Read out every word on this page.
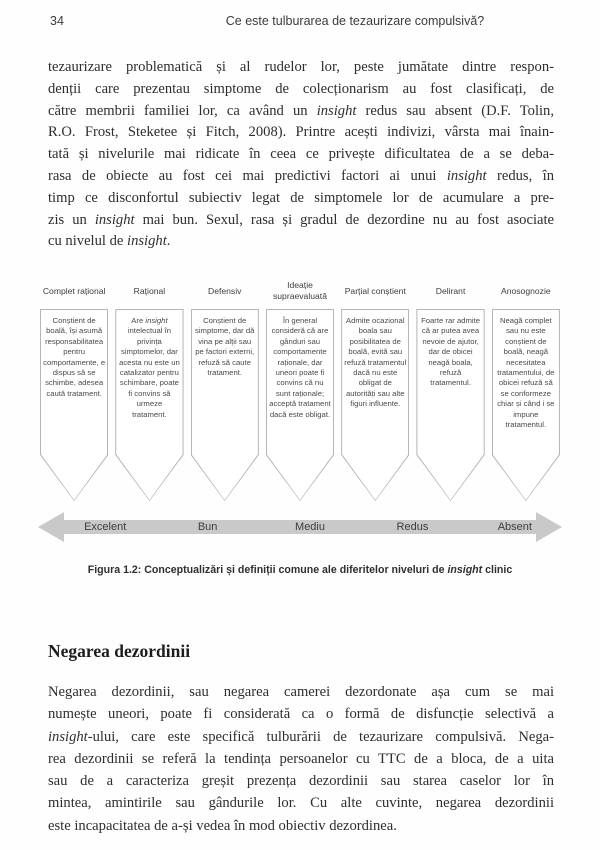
34	Ce este tulburarea de tezaurizare compulsivă?
tezaurizare problematică și al rudelor lor, peste jumătate dintre respon-
denții care prezentau simptome de colecționarism au fost clasificați, de
către membrii familiei lor, ca având un insight redus sau absent (D.F. Tolin,
R.O. Frost, Steketee și Fitch, 2008). Printre acești indivizi, vârsta mai înain-
tată și nivelurile mai ridicate în ceea ce privește dificultatea de a se deba-
rasa de obiecte au fost cei mai predictivi factori ai unui insight redus, în
timp ce disconfortul subiectiv legat de simptomele lor de acumulare a pre-
zis un insight mai bun. Sexul, rasa și gradul de dezordine nu au fost asociate
cu nivelul de insight.
Complet rațional	Rațional	Defensiv
Ideație supraevaluată
Parțial conștient	Delirant	Anosognozie
Conștient de boală, își asumă responsabilitatea pentru comportamente, e dispus să se schimbe, adesea caută tratament.
Are insight intelectual în privința simptomelor, dar acesta nu este un catalizator pentru schimbare, poate fi convins să urmeze tratament.
Conștient de simptome, dar dă vina pe alții sau pe factori externi, refuză să caute tratament.
În general consideră că are gânduri sau comportamente raționale, dar uneori poate fi convins că nu sunt raționale; acceptă tratament dacă este obligat.
Admite ocazional boala sau posibilitatea de boală, evită sau refuză tratamentul dacă nu este obligat de autorități sau alte figuri influente.
Foarte rar admite că ar putea avea nevoie de ajutor, dar de obicei neagă boala, refuză tratamentul.
Neagă complet sau nu este conștient de boală, neagă necesitatea tratamentului, de obicei refuză să se conformeze chiar și când i se impune tratamentul.
Excelent	Bun	Mediu	Redus	Absent
Figura 1.2: Conceptualizări și definiții comune ale diferitelor niveluri de insight clinic
Negarea dezordinii
Negarea dezordinii, sau negarea camerei dezordonate așa cum se mai
numește uneori, poate fi considerată ca o formă de disfuncție selectivă a
insight-ului, care este specifică tulburării de tezaurizare compulsivă. Nega-
rea dezordinii se referă la tendința persoanelor cu TTC de a bloca, de a uita
sau de a caracteriza greșit prezența dezordinii sau starea caselor lor în
mintea, amintirile sau gândurile lor. Cu alte cuvinte, negarea dezordinii
este incapacitatea de a-și vedea în mod obiectiv dezordinea.
